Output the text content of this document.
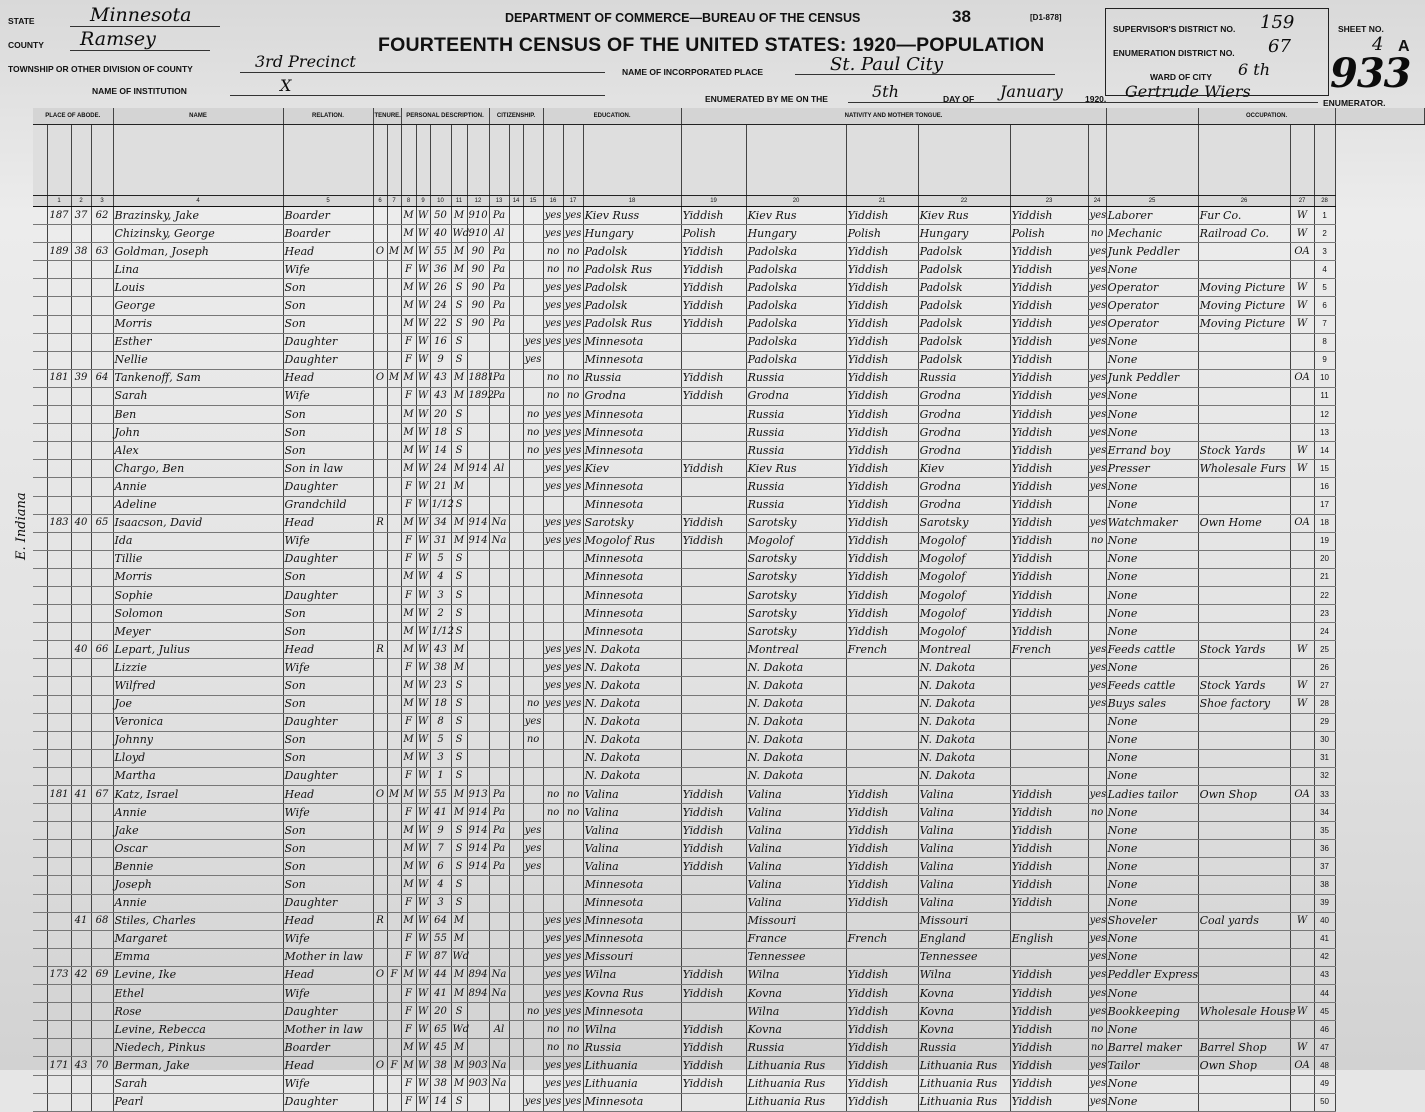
STATE	Minnesota
COUNTY Ramsey
TOWNSHIP OR OTHER DIVISION OF COUNTY	3rd Precinct
NAME OF INSTITUTION	X
DEPARTMENT OF COMMERCE—BUREAU OF THE CENSUS	38	[D1-878]
FOURTEENTH CENSUS OF THE UNITED STATES: 1920—POPULATION
NAME OF INCORPORATED PLACE	St. Paul City
ENUMERATED BY ME ON THE	5th	DAY OF January	1920. Gertrude Wiers
ENUMERATOR.
SUPERVISOR'S DISTRICT NO. 159
ENUMERATION DISTRICT NO. 67
WARD OF CITY 6 th
SHEET NO.
4 A
933
E. Indiana
PLACE OF ABODE.				NAME	RELATION.	TENURE.		PERSONAL DESCRIPTION.					CITIZENSHIP.			EDUCATION.			NATIVITY AND MOTHER TONGUE.							OCCUPATION.			

	1	2	3	4	5	6	7	8	9	10	11	12	13	14	15	16	17	18	19	20	21	22	23	24	25	26	27	28	
	187	37	62	Brazinsky, Jake	Boarder			M	W	50	M	910	Pa			yes	yes	Kiev Russ	Yiddish	Kiev Rus	Yiddish	Kiev Rus	Yiddish	yes	Laborer	Fur Co.	W	1	
				Chizinsky, George	Boarder			M	W	40	Wd	910	Al			yes	yes	Hungary	Polish	Hungary	Polish	Hungary	Polish	no	Mechanic	Railroad Co.	W	2	
	189	38	63	Goldman, Joseph	Head	O	M	M	W	55	M	90	Pa			no	no	Padolsk	Yiddish	Padolska	Yiddish	Padolsk	Yiddish	yes	Junk Peddler		OA	3	
				Lina	Wife			F	W	36	M	90	Pa			no	no	Padolsk Rus	Yiddish	Padolska	Yiddish	Padolsk	Yiddish	yes	None			4	
				Louis	Son			M	W	26	S	90	Pa			yes	yes	Padolsk	Yiddish	Padolska	Yiddish	Padolsk	Yiddish	yes	Operator	Moving Picture	W	5	
				George	Son			M	W	24	S	90	Pa			yes	yes	Padolsk	Yiddish	Padolska	Yiddish	Padolsk	Yiddish	yes	Operator	Moving Picture	W	6	
				Morris	Son			M	W	22	S	90	Pa			yes	yes	Padolsk Rus	Yiddish	Padolska	Yiddish	Padolsk	Yiddish	yes	Operator	Moving Picture	W	7	
				Esther	Daughter			F	W	16	S				yes	yes	yes	Minnesota		Padolska	Yiddish	Padolsk	Yiddish	yes	None			8	
				Nellie	Daughter			F	W	9	S				yes			Minnesota		Padolska	Yiddish	Padolsk	Yiddish		None			9	
	181	39	64	Tankenoff, Sam	Head	O	M	M	W	43	M	1881	Pa			no	no	Russia	Yiddish	Russia	Yiddish	Russia	Yiddish	yes	Junk Peddler		OA	10	
				Sarah	Wife			F	W	43	M	1892	Pa			no	no	Grodna	Yiddish	Grodna	Yiddish	Grodna	Yiddish	yes	None			11	
				Ben	Son			M	W	20	S				no	yes	yes	Minnesota		Russia	Yiddish	Grodna	Yiddish	yes	None			12	
				John	Son			M	W	18	S				no	yes	yes	Minnesota		Russia	Yiddish	Grodna	Yiddish	yes	None			13	
				Alex	Son			M	W	14	S				no	yes	yes	Minnesota		Russia	Yiddish	Grodna	Yiddish	yes	Errand boy	Stock Yards	W	14	
				Chargo, Ben	Son in law			M	W	24	M	914	Al			yes	yes	Kiev	Yiddish	Kiev Rus	Yiddish	Kiev	Yiddish	yes	Presser	Wholesale Furs	W	15	
				Annie	Daughter			F	W	21	M					yes	yes	Minnesota		Russia	Yiddish	Grodna	Yiddish	yes	None			16	
				Adeline	Grandchild			F	W	1/12	S							Minnesota		Russia	Yiddish	Grodna	Yiddish		None			17	
	183	40	65	Isaacson, David	Head	R		M	W	34	M	914	Na			yes	yes	Sarotsky	Yiddish	Sarotsky	Yiddish	Sarotsky	Yiddish	yes	Watchmaker	Own Home	OA	18	
				Ida	Wife			F	W	31	M	914	Na			yes	yes	Mogolof Rus	Yiddish	Mogolof	Yiddish	Mogolof	Yiddish	no	None			19	
				Tillie	Daughter			F	W	5	S							Minnesota		Sarotsky	Yiddish	Mogolof	Yiddish		None			20	
				Morris	Son			M	W	4	S							Minnesota		Sarotsky	Yiddish	Mogolof	Yiddish		None			21	
				Sophie	Daughter			F	W	3	S							Minnesota		Sarotsky	Yiddish	Mogolof	Yiddish		None			22	
				Solomon	Son			M	W	2	S							Minnesota		Sarotsky	Yiddish	Mogolof	Yiddish		None			23	
				Meyer	Son			M	W	1/12	S							Minnesota		Sarotsky	Yiddish	Mogolof	Yiddish		None			24	
		40	66	Lepart, Julius	Head	R		M	W	43	M					yes	yes	N. Dakota		Montreal	French	Montreal	French	yes	Feeds cattle	Stock Yards	W	25	
				Lizzie	Wife			F	W	38	M					yes	yes	N. Dakota		N. Dakota		N. Dakota		yes	None			26	
				Wilfred	Son			M	W	23	S					yes	yes	N. Dakota		N. Dakota		N. Dakota		yes	Feeds cattle	Stock Yards	W	27	
				Joe	Son			M	W	18	S				no	yes	yes	N. Dakota		N. Dakota		N. Dakota		yes	Buys sales	Shoe factory	W	28	
				Veronica	Daughter			F	W	8	S				yes			N. Dakota		N. Dakota		N. Dakota			None			29	
				Johnny	Son			M	W	5	S				no			N. Dakota		N. Dakota		N. Dakota			None			30	
				Lloyd	Son			M	W	3	S							N. Dakota		N. Dakota		N. Dakota			None			31	
				Martha	Daughter			F	W	1	S							N. Dakota		N. Dakota		N. Dakota			None			32	
	181	41	67	Katz, Israel	Head	O	M	M	W	55	M	913	Pa			no	no	Valina	Yiddish	Valina	Yiddish	Valina	Yiddish	yes	Ladies tailor	Own Shop	OA	33	
				Annie	Wife			F	W	41	M	914	Pa			no	no	Valina	Yiddish	Valina	Yiddish	Valina	Yiddish	no	None			34	
				Jake	Son			M	W	9	S	914	Pa		yes			Valina	Yiddish	Valina	Yiddish	Valina	Yiddish		None			35	
				Oscar	Son			M	W	7	S	914	Pa		yes			Valina	Yiddish	Valina	Yiddish	Valina	Yiddish		None			36	
				Bennie	Son			M	W	6	S	914	Pa		yes			Valina	Yiddish	Valina	Yiddish	Valina	Yiddish		None			37	
				Joseph	Son			M	W	4	S							Minnesota		Valina	Yiddish	Valina	Yiddish		None			38	
				Annie	Daughter			F	W	3	S							Minnesota		Valina	Yiddish	Valina	Yiddish		None			39	
		41	68	Stiles, Charles	Head	R		M	W	64	M					yes	yes	Minnesota		Missouri		Missouri		yes	Shoveler	Coal yards	W	40	
				Margaret	Wife			F	W	55	M					yes	yes	Minnesota		France	French	England	English	yes	None			41	
				Emma	Mother in law			F	W	87	Wd					yes	yes	Missouri		Tennessee		Tennessee		yes	None			42	
	173	42	69	Levine, Ike	Head	O	F	M	W	44	M	894	Na			yes	yes	Wilna	Yiddish	Wilna	Yiddish	Wilna	Yiddish	yes	Peddler Express			43	
				Ethel	Wife			F	W	41	M	894	Na			yes	yes	Kovna Rus	Yiddish	Kovna	Yiddish	Kovna	Yiddish	yes	None			44	
				Rose	Daughter			F	W	20	S				no	yes	yes	Minnesota		Wilna	Yiddish	Kovna	Yiddish	yes	Bookkeeping	Wholesale House	W	45	
				Levine, Rebecca	Mother in law			F	W	65	Wd		Al			no	no	Wilna	Yiddish	Kovna	Yiddish	Kovna	Yiddish	no	None			46	
				Niedech, Pinkus	Boarder			M	W	45	M					no	no	Russia	Yiddish	Russia	Yiddish	Russia	Yiddish	no	Barrel maker	Barrel Shop	W	47	
	171	43	70	Berman, Jake	Head	O	F	M	W	38	M	903	Na			yes	yes	Lithuania	Yiddish	Lithuania Rus	Yiddish	Lithuania Rus	Yiddish	yes	Tailor	Own Shop	OA	48	
				Sarah	Wife			F	W	38	M	903	Na			yes	yes	Lithuania	Yiddish	Lithuania Rus	Yiddish	Lithuania Rus	Yiddish	yes	None			49	
				Pearl	Daughter			F	W	14	S				yes	yes	yes	Minnesota		Lithuania Rus	Yiddish	Lithuania Rus	Yiddish	yes	None			50	
